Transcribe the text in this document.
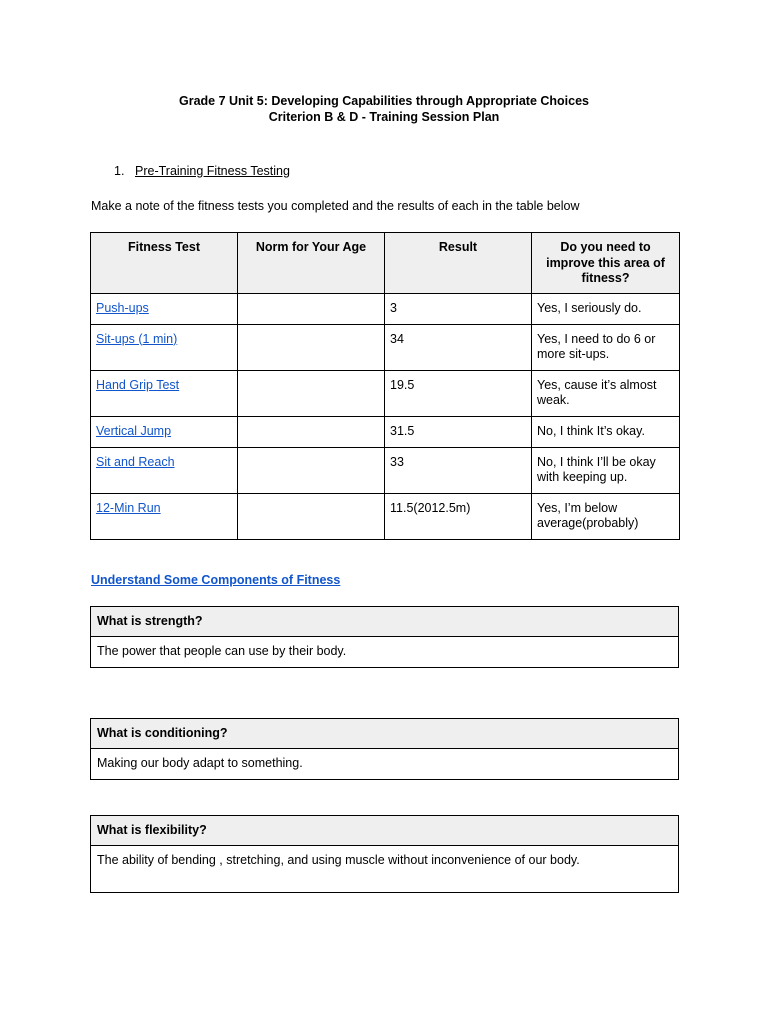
Grade 7 Unit 5: Developing Capabilities through Appropriate Choices
Criterion B & D - Training Session Plan
1. Pre-Training Fitness Testing
Make a note of the fitness tests you completed and the results of each in the table below
Fitness Test	Norm for Your Age	Result	Do you need to improve this area of fitness?
Push-ups		3	Yes, I seriously do.
Sit-ups (1 min)		34	Yes, I need to do 6 or more sit-ups.
Hand Grip Test		19.5	Yes, cause it’s almost weak.
Vertical Jump		31.5	No, I think It’s okay.
Sit and Reach		33	No, I think I’ll be okay with keeping up.
12-Min Run		11.5(2012.5m)	Yes, I’m below average(probably)
Understand Some Components of Fitness
What is strength?
The power that people can use by their body.
What is conditioning?
Making our body adapt to something.
What is flexibility?
The ability of bending , stretching, and using muscle without inconvenience of our body.
